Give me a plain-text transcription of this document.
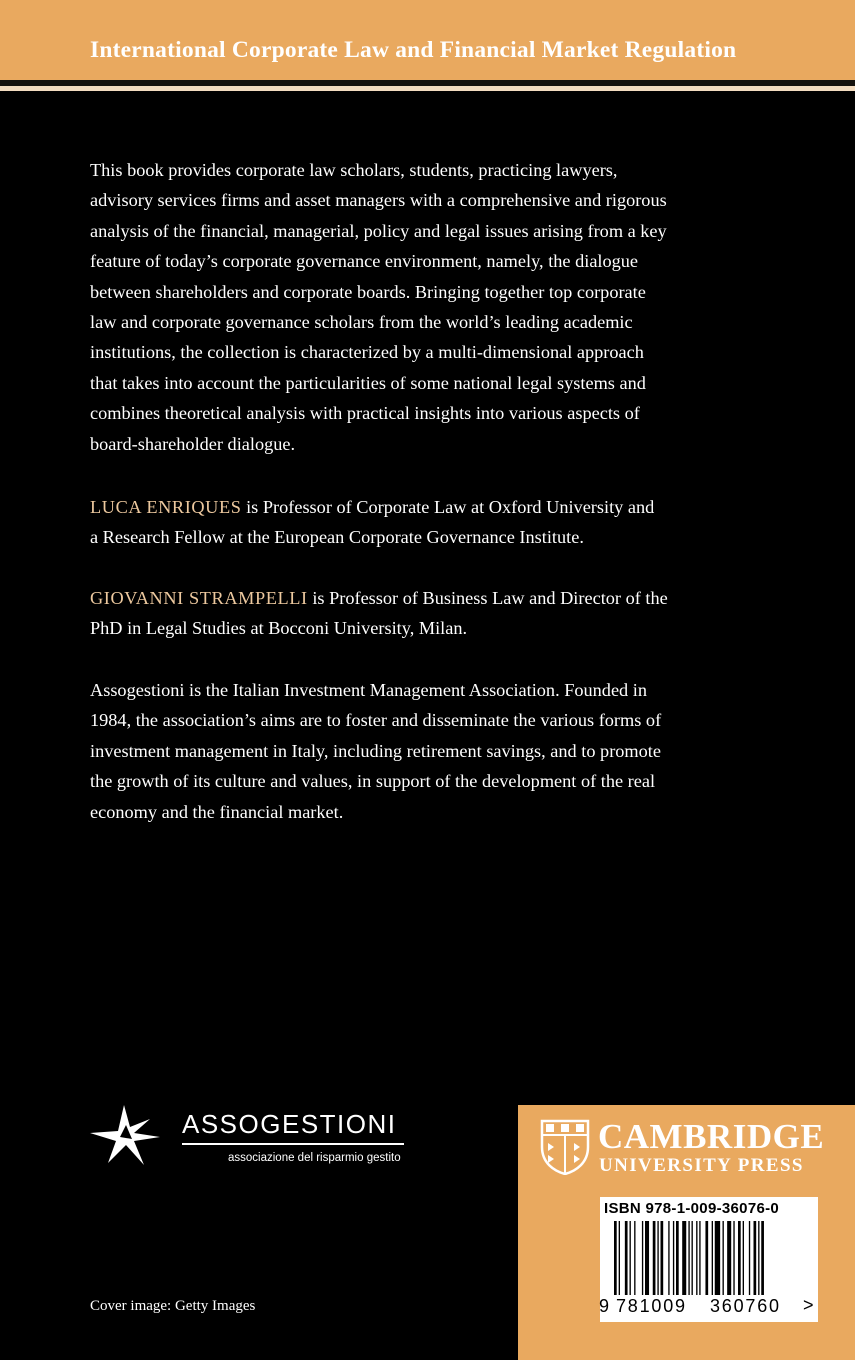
International Corporate Law and Financial Market Regulation
This book provides corporate law scholars, students, practicing lawyers,
advisory services firms and asset managers with a comprehensive and rigorous
analysis of the financial, managerial, policy and legal issues arising from a key
feature of today’s corporate governance environment, namely, the dialogue
between shareholders and corporate boards. Bringing together top corporate
law and corporate governance scholars from the world’s leading academic
institutions, the collection is characterized by a multi-dimensional approach
that takes into account the particularities of some national legal systems and
combines theoretical analysis with practical insights into various aspects of
board-shareholder dialogue.
LUCA ENRIQUES is Professor of Corporate Law at Oxford University and
a Research Fellow at the European Corporate Governance Institute.
GIOVANNI STRAMPELLI is Professor of Business Law and Director of the
PhD in Legal Studies at Bocconi University, Milan.
Assogestioni is the Italian Investment Management Association. Founded in
1984, the association’s aims are to foster and disseminate the various forms of
investment management in Italy, including retirement savings, and to promote
the growth of its culture and values, in support of the development of the real
economy and the financial market.
ASSOGESTIONI
associazione del risparmio gestito
Cover image: Getty Images
CAMBRIDGE
UNIVERSITY PRESS
ISBN 978-1-009-36076-0
9 781009 360760 >
